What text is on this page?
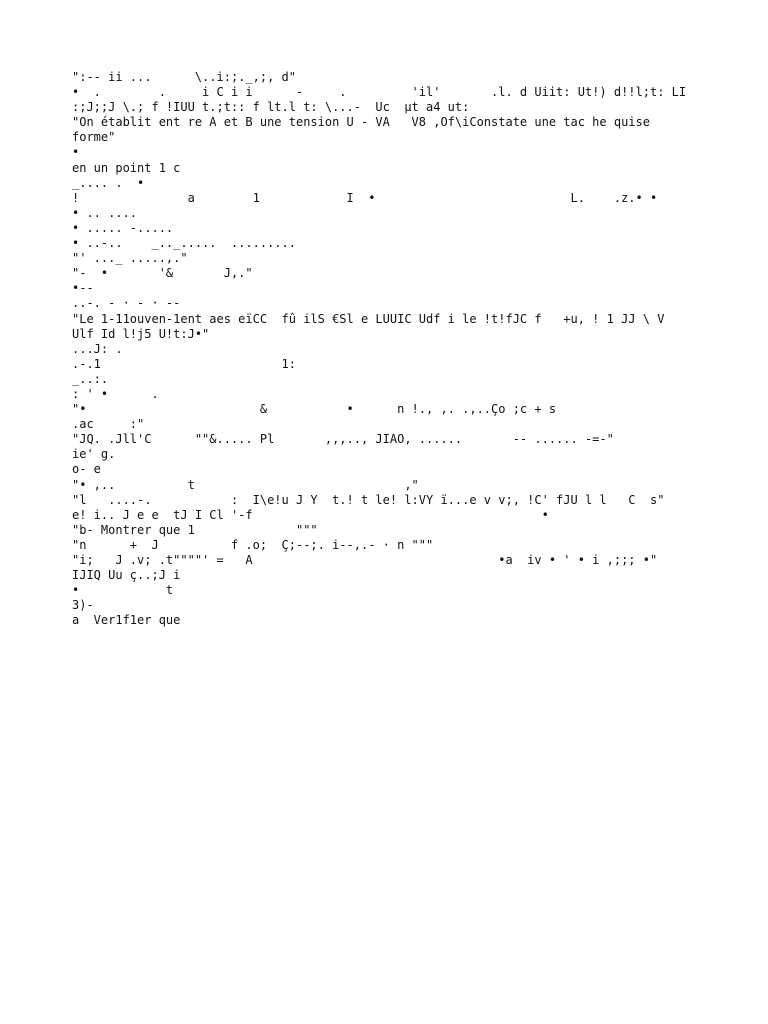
":-- ii ...      \..i:;._,;, d"
•  .        .     i C i i      -     .         'il'       .l. d Uiit: Ut!) d!!l;t: LI
:;J;;J \.; f !IUU t.;t:: f lt.l t: \...-  Uc  μt a4 ut:
"On établit ent re A et B une tension U - VA   V8 ,Of\iConstate une tac he quise
forme"
•
en un point 1 c
_.... .  •
!               a        1            I  •                           L.    .z.• •
• .. ....
• ..... -.....
• ..-..    _.._.....  .........
"' ..._ .....,."
"-  •       '&       J,."
•--
..-. - · - · --
"Le 1-11ouven-1ent aes eïCC  fû ilS €Sl e LUUIC Udf i le !t!fJC f   +u, ! 1 JJ \ V
Ulf Id l!j5 U!t:J•"
...J: .
.-.1                         1:
_..:.
: ' •      .
"•                        &           •      n !., ,. .,..Ço ;c + s
.ac     :"
"JQ. .Jll'C      ""&..... Pl       ,,,.., JIAO, ......       -- ...... -=-"
ie' g.
o- e
"• ,..          t                             ,"
"l   ....-.           :  I\e!u J Y  t.! t le! l:VY ï...e v v;, !C' fJU l l   C  s"
e! i.. J e e  tJ I Cl '-f                                        •
"b- Montrer que 1              """
"n      +  J          f .o;  Ç;--;. i--,.- · n """
"i;   J .v; .t""""' =   A                                  •a  iv • ' • i ,;;; •"
IJIQ Uu ç..;J i
•            t
3)-
a  Ver1f1er que
